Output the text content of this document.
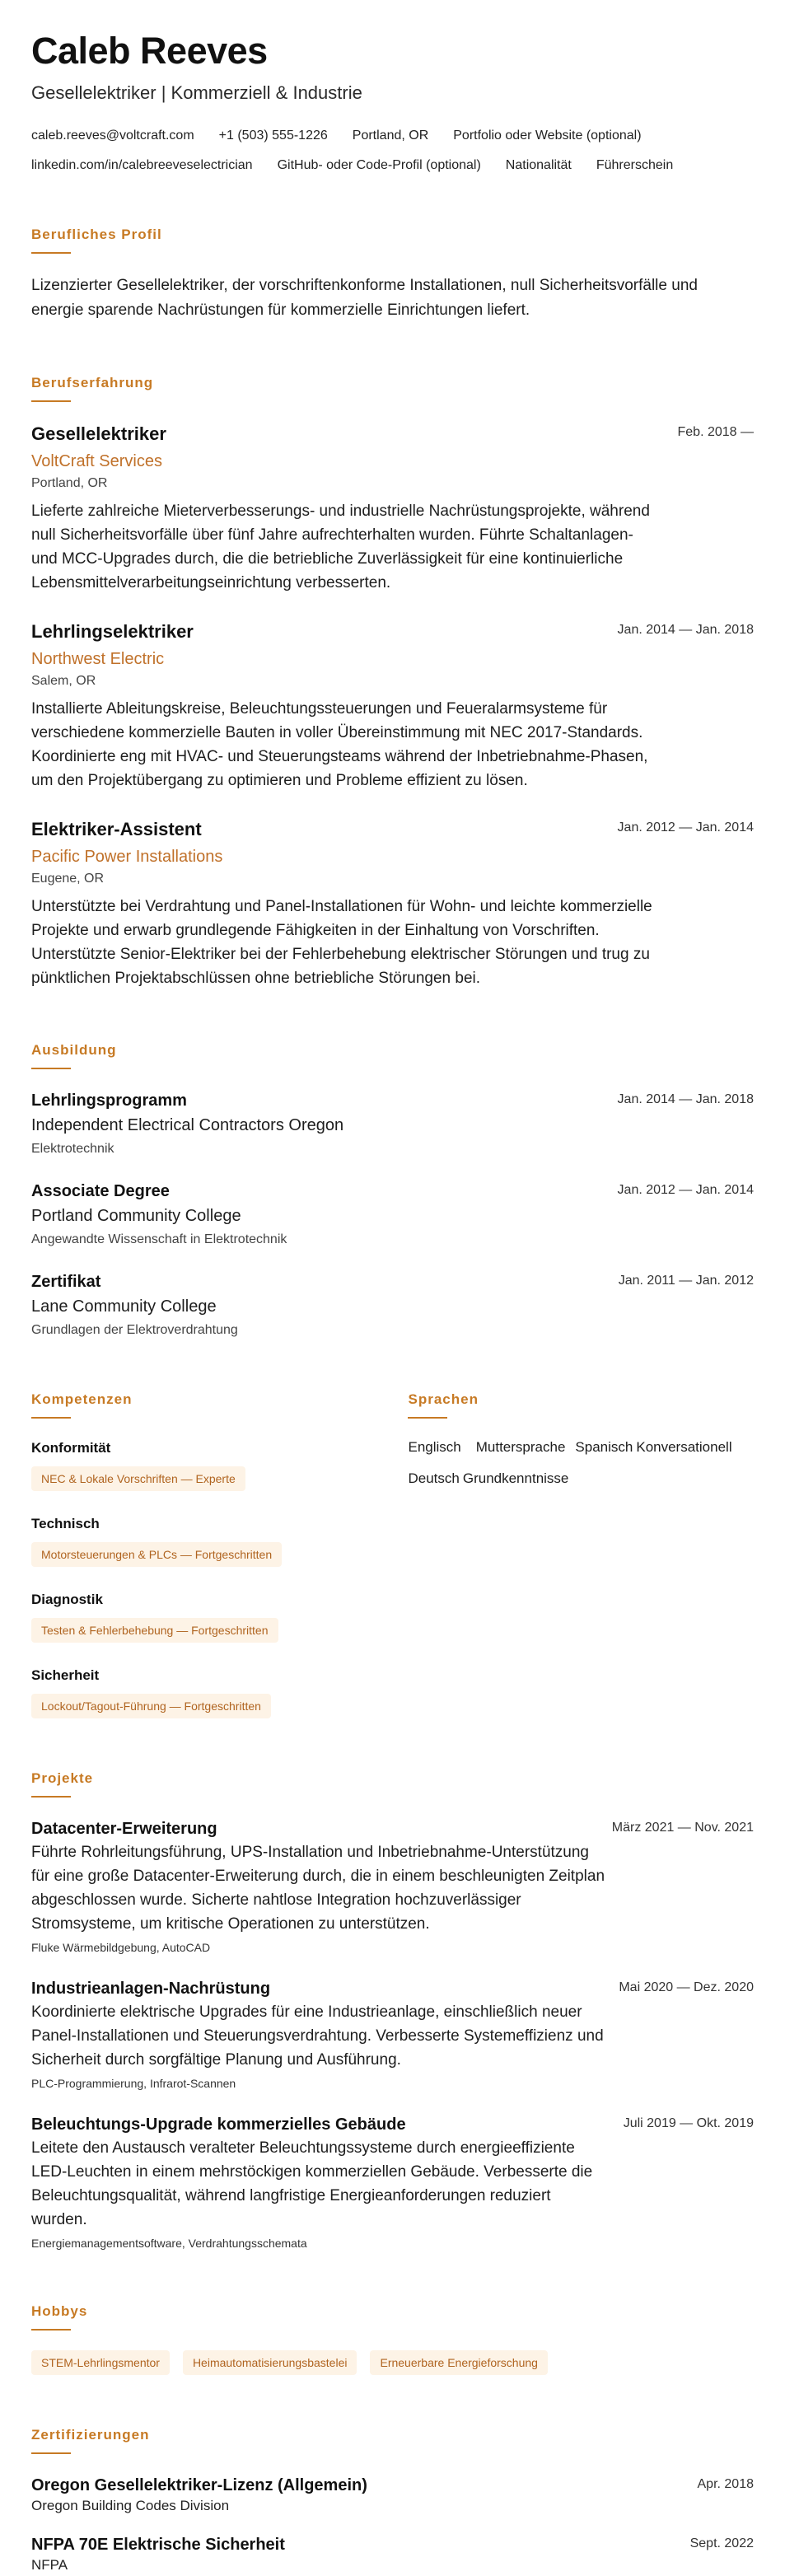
Caleb Reeves
Gesellelektriker | Kommerziell & Industrie
caleb.reeves@voltcraft.com +1 (503) 555-1226 Portland, OR Portfolio oder Website (optional)
linkedin.com/in/calebreeveselectrician GitHub- oder Code-Profil (optional) Nationalität Führerschein
Berufliches Profil

Lizenzierter Gesellelektriker, der vorschriftenkonforme Installationen, null Sicherheitsvorfälle und energie sparende Nachrüstungen für kommerzielle Einrichtungen liefert.

Berufserfahrung
Gesellelektriker	Feb. 2018 —
VoltCraft Services
Portland, OR

Lieferte zahlreiche Mieterverbesserungs- und industrielle Nachrüstungsprojekte, während null Sicherheitsvorfälle über fünf Jahre aufrechterhalten wurden. Führte Schaltanlagen- und MCC-Upgrades durch, die die betriebliche Zuverlässigkeit für eine kontinuierliche Lebensmittelverarbeitungseinrichtung verbesserten.

Lehrlingselektriker	Jan. 2014 — Jan. 2018
Northwest Electric
Salem, OR

Installierte Ableitungskreise, Beleuchtungssteuerungen und Feueralarmsysteme für verschiedene kommerzielle Bauten in voller Übereinstimmung mit NEC 2017-Standards. Koordinierte eng mit HVAC- und Steuerungsteams während der Inbetriebnahme-Phasen, um den Projektübergang zu optimieren und Probleme effizient zu lösen.

Elektriker-Assistent	Jan. 2012 — Jan. 2014
Pacific Power Installations
Eugene, OR

Unterstützte bei Verdrahtung und Panel-Installationen für Wohn- und leichte kommerzielle Projekte und erwarb grundlegende Fähigkeiten in der Einhaltung von Vorschriften. Unterstützte Senior-Elektriker bei der Fehlerbehebung elektrischer Störungen und trug zu pünktlichen Projektabschlüssen ohne betriebliche Störungen bei.

Ausbildung
Lehrlingsprogramm	Jan. 2014 — Jan. 2018
Independent Electrical Contractors Oregon
Elektrotechnik
Associate Degree	Jan. 2012 — Jan. 2014
Portland Community College
Angewandte Wissenschaft in Elektrotechnik
Zertifikat	Jan. 2011 — Jan. 2012
Lane Community College
Grundlagen der Elektroverdrahtung
Kompetenzen
Konformität
NEC & Lokale Vorschriften — Experte
Technisch
Motorsteuerungen & PLCs — Fortgeschritten
Diagnostik
Testen & Fehlerbehebung — Fortgeschritten
Sicherheit
Lockout/Tagout-Führung — Fortgeschritten
Sprachen
Englisch Muttersprache Spanisch Konversationell
Deutsch Grundkenntnisse
Projekte
Datacenter-Erweiterung	März 2021 — Nov. 2021

Führte Rohrleitungsführung, UPS-Installation und Inbetriebnahme-Unterstützung für eine große Datacenter-Erweiterung durch, die in einem beschleunigten Zeitplan abgeschlossen wurde. Sicherte nahtlose Integration hochzuverlässiger Stromsysteme, um kritische Operationen zu unterstützen.

Fluke Wärmebildgebung, AutoCAD
Industrieanlagen-Nachrüstung	Mai 2020 — Dez. 2020

Koordinierte elektrische Upgrades für eine Industrieanlage, einschließlich neuer Panel-Installationen und Steuerungsverdrahtung. Verbesserte Systemeffizienz und Sicherheit durch sorgfältige Planung und Ausführung.

PLC-Programmierung, Infrarot-Scannen
Beleuchtungs-Upgrade kommerzielles Gebäude	Juli 2019 — Okt. 2019

Leitete den Austausch veralteter Beleuchtungssysteme durch energieeffiziente LED-Leuchten in einem mehrstöckigen kommerziellen Gebäude. Verbesserte die Beleuchtungsqualität, während langfristige Energieanforderungen reduziert wurden.

Energiemanagementsoftware, Verdrahtungsschemata
Hobbys
STEM-Lehrlingsmentor	Heimautomatisierungsbastelei	Erneuerbare Energieforschung
Zertifizierungen
Oregon Gesellelektriker-Lizenz (Allgemein)	Apr. 2018
Oregon Building Codes Division
NFPA 70E Elektrische Sicherheit	Sept. 2022
NFPA
